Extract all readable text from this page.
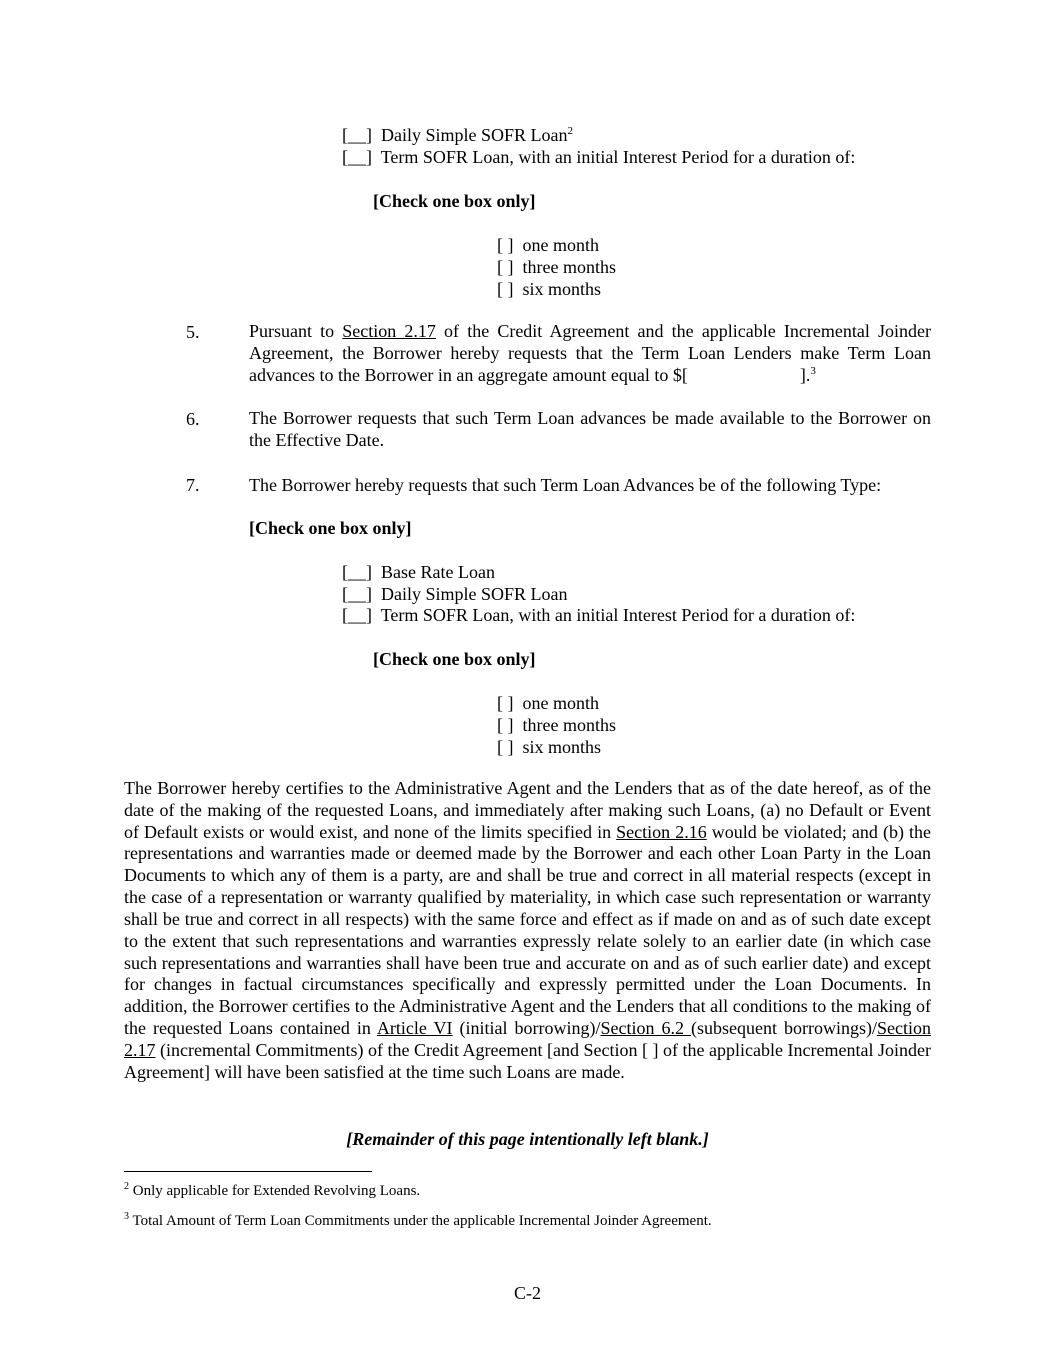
[__] Daily Simple SOFR Loan$^2$
[__] Term SOFR Loan, with an initial Interest Period for a duration of:
[Check one box only]
[ ] one month
[ ] three months
[ ] six months
5.	Pursuant to Section 2.17 of the Credit Agreement and the applicable Incremental Joinder Agreement, the Borrower hereby requests that the Term Loan Lenders make Term Loan advances to the Borrower in an aggregate amount equal to $[	].$^3$
6.	The Borrower requests that such Term Loan advances be made available to the Borrower on the Effective Date.
7.	The Borrower hereby requests that such Term Loan Advances be of the following Type:
[Check one box only]
[__] Base Rate Loan
[__] Daily Simple SOFR Loan
[__] Term SOFR Loan, with an initial Interest Period for a duration of:
[Check one box only]
[ ] one month
[ ] three months
[ ] six months
The Borrower hereby certifies to the Administrative Agent and the Lenders that as of the date hereof, as of the date of the making of the requested Loans, and immediately after making such Loans, (a) no Default or Event of Default exists or would exist, and none of the limits specified in Section 2.16 would be violated; and (b) the representations and warranties made or deemed made by the Borrower and each other Loan Party in the Loan Documents to which any of them is a party, are and shall be true and correct in all material respects (except in the case of a representation or warranty qualified by materiality, in which case such representation or warranty shall be true and correct in all respects) with the same force and effect as if made on and as of such date except to the extent that such representations and warranties expressly relate solely to an earlier date (in which case such representations and warranties shall have been true and accurate on and as of such earlier date) and except for changes in factual circumstances specifically and expressly permitted under the Loan Documents. In addition, the Borrower certifies to the Administrative Agent and the Lenders that all conditions to the making of the requested Loans contained in Article VI (initial borrowing)/Section 6.2 (subsequent borrowings)/Section 2.17 (incremental Commitments) of the Credit Agreement [and Section [ ] of the applicable Incremental Joinder Agreement] will have been satisfied at the time such Loans are made.
[Remainder of this page intentionally left blank.]
$^2$ Only applicable for Extended Revolving Loans.
$^3$ Total Amount of Term Loan Commitments under the applicable Incremental Joinder Agreement.
C-2
